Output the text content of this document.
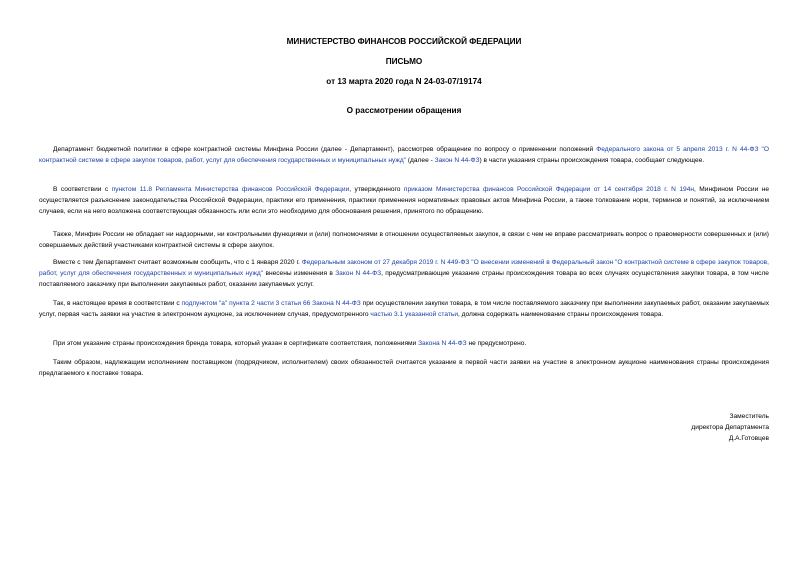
МИНИСТЕРСТВО ФИНАНСОВ РОССИЙСКОЙ ФЕДЕРАЦИИ
ПИСЬМО
от 13 марта 2020 года N 24-03-07/19174
О рассмотрении обращения

Департамент бюджетной политики в сфере контрактной системы Минфина России (далее - Департамент), рассмотрев обращение по вопросу о применении положений Федерального закона от 5 апреля 2013 г. N 44-ФЗ "О контрактной системе в сфере закупок товаров, работ, услуг для обеспечения государственных и муниципальных нужд" (далее - Закон N 44-ФЗ) в части указания страны происхождения товара, сообщает следующее.

В соответствии с пунктом 11.8 Регламента Министерства финансов Российской Федерации, утвержденного приказом Министерства финансов Российской Федерации от 14 сентября 2018 г. N 194н, Минфином России не осуществляется разъяснение законодательства Российской Федерации, практики его применения, практики применения нормативных правовых актов Минфина России, а также толкование норм, терминов и понятий, за исключением случаев, если на него возложена соответствующая обязанность или если это необходимо для обоснования решения, принятого по обращению.

Также, Минфин России не обладает ни надзорными, ни контрольными функциями и (или) полномочиями в отношении осуществляемых закупок, в связи с чем не вправе рассматривать вопрос о правомерности совершенных и (или) совершаемых действий участниками контрактной системы в сфере закупок.

Вместе с тем Департамент считает возможным сообщить, что с 1 января 2020 г. Федеральным законом от 27 декабря 2019 г. N 449-ФЗ "О внесении изменений в Федеральный закон "О контрактной системе в сфере закупок товаров, работ, услуг для обеспечения государственных и муниципальных нужд" внесены изменения в Закон N 44-ФЗ, предусматривающие указание страны происхождения товара во всех случаях осуществления закупки товара, в том числе поставляемого заказчику при выполнении закупаемых работ, оказании закупаемых услуг.

Так, в настоящее время в соответствии с подпунктом "а" пункта 2 части 3 статьи 66 Закона N 44-ФЗ при осуществлении закупки товара, в том числе поставляемого заказчику при выполнении закупаемых работ, оказании закупаемых услуг, первая часть заявки на участие в электронном аукционе, за исключением случая, предусмотренного частью 3.1 указанной статьи, должна содержать наименование страны происхождения товара.

При этом указание страны происхождения бренда товара, который указан в сертификате соответствия, положениями Закона N 44-ФЗ не предусмотрено.

Таким образом, надлежащим исполнением поставщиком (подрядчиком, исполнителем) своих обязанностей считается указание в первой части заявки на участие в электронном аукционе наименования страны происхождения предлагаемого к поставке товара.

Заместитель
директора Департамента
Д.А.Готовцев
